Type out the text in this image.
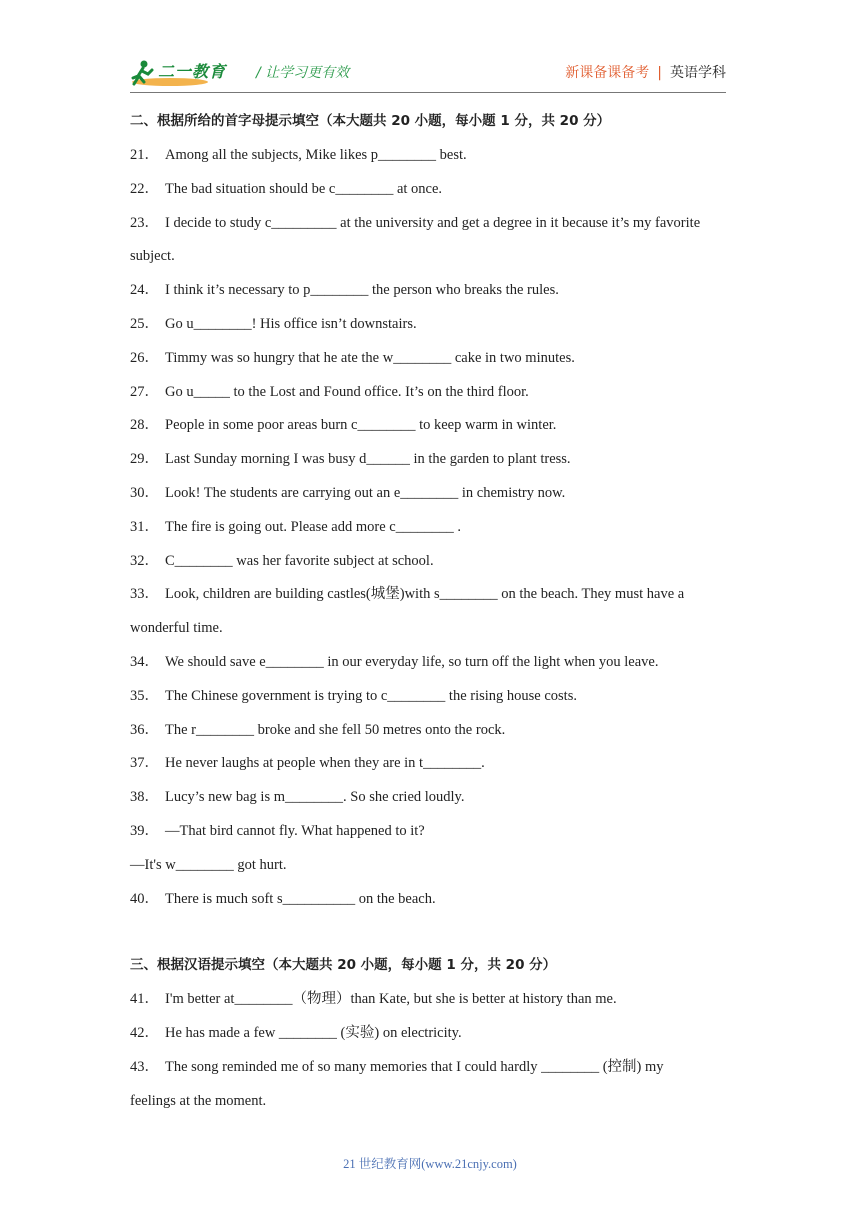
二一教育 / 让学习更有效	新课备课备考 | 英语学科
二、根据所给的首字母提示填空（本大题共 20 小题，每小题 1 分，共 20 分）
21． Among all the subjects, Mike likes p________ best.
22． The bad situation should be c________ at once.
23． I decide to study c_________ at the university and get a degree in it because it’s my favorite
subject.
24． I think it’s necessary to p________ the person who breaks the rules.
25． Go u________! His office isn’t downstairs.
26． Timmy was so hungry that he ate the w________ cake in two minutes.
27． Go u_____ to the Lost and Found office. It’s on the third floor.
28． People in some poor areas burn c________ to keep warm in winter.
29． Last Sunday morning I was busy d______ in the garden to plant tress.
30． Look! The students are carrying out an e________ in chemistry now.
31． The fire is going out. Please add more c________ .
32． C________ was her favorite subject at school.
33． Look, children are building castles(城堡)with s________ on the beach. They must have a
wonderful time.
34． We should save e________ in our everyday life, so turn off the light when you leave.
35． The Chinese government is trying to c________ the rising house costs.
36． The r________ broke and she fell 50 metres onto the rock.
37． He never laughs at people when they are in t________.
38． Lucy’s new bag is m________. So she cried loudly.
39． —That bird cannot fly. What happened to it?
—It's w________ got hurt.
40． There is much soft s__________ on the beach.
三、根据汉语提示填空（本大题共 20 小题，每小题 1 分，共 20 分）
41． I'm better at________（物理）than Kate, but she is better at history than me.
42． He has made a few ________ (实验) on electricity.
43． The song reminded me of so many memories that I could hardly ________ (控制) my
feelings at the moment.
21 世纪教育网(www.21cnjy.com)
